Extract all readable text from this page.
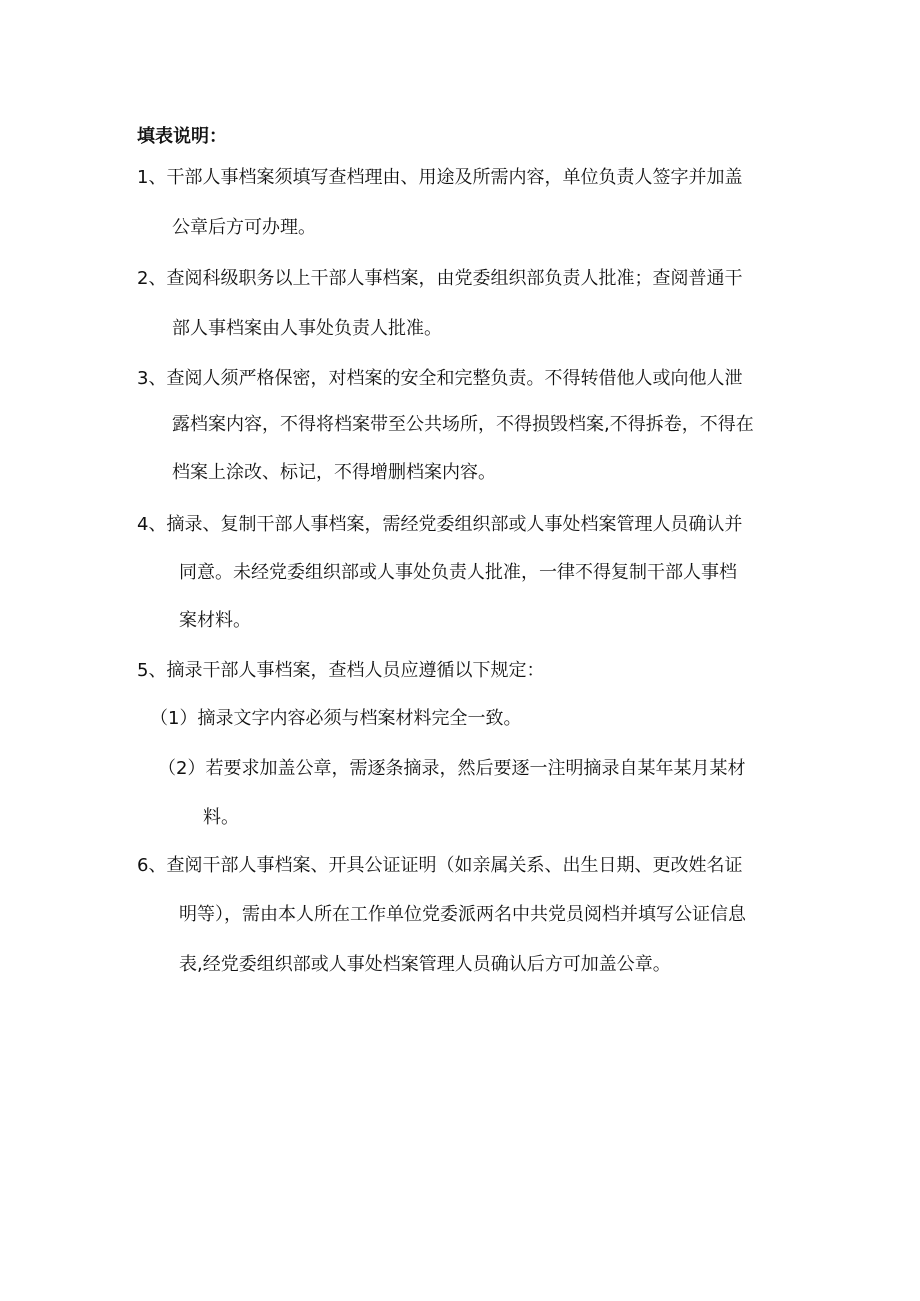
填表说明：
1、干部人事档案须填写查档理由、用途及所需内容，单位负责人签字并加盖
公章后方可办理。
2、查阅科级职务以上干部人事档案，由党委组织部负责人批准；查阅普通干
部人事档案由人事处负责人批准。
3、查阅人须严格保密，对档案的安全和完整负责。不得转借他人或向他人泄
露档案内容，不得将档案带至公共场所，不得损毁档案,不得拆卷，不得在
档案上涂改、标记，不得增删档案内容。
4、摘录、复制干部人事档案，需经党委组织部或人事处档案管理人员确认并
同意。未经党委组织部或人事处负责人批准，一律不得复制干部人事档
案材料。
5、摘录干部人事档案，查档人员应遵循以下规定：
（1）摘录文字内容必须与档案材料完全一致。
（2）若要求加盖公章，需逐条摘录，然后要逐一注明摘录自某年某月某材
料。
6、查阅干部人事档案、开具公证证明（如亲属关系、出生日期、更改姓名证
明等），需由本人所在工作单位党委派两名中共党员阅档并填写公证信息
表,经党委组织部或人事处档案管理人员确认后方可加盖公章。
